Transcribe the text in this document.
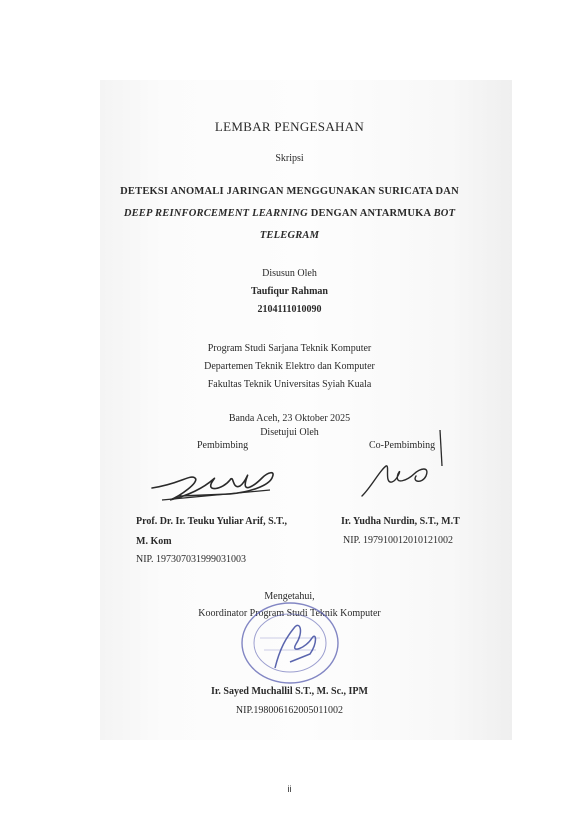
LEMBAR PENGESAHAN
Skripsi
DETEKSI ANOMALI JARINGAN MENGGUNAKAN SURICATA DAN
DEEP REINFORCEMENT LEARNING DENGAN ANTARMUKA BOT
TELEGRAM
Disusun Oleh
Taufiqur Rahman
2104111010090
Program Studi Sarjana Teknik Komputer
Departemen Teknik Elektro dan Komputer
Fakultas Teknik Universitas Syiah Kuala
Banda Aceh, 23 Oktober 2025
Disetujui Oleh
Pembimbing	Co-Pembimbing
Prof. Dr. Ir. Teuku Yuliar Arif, S.T.,
M. Kom
NIP. 197307031999031003
Ir. Yudha Nurdin, S.T., M.T
NIP. 197910012010121002
Mengetahui,
Koordinator Program Studi Teknik Komputer
Ir. Sayed Muchallil S.T., M. Sc., IPM
NIP.198006162005011002
ii
